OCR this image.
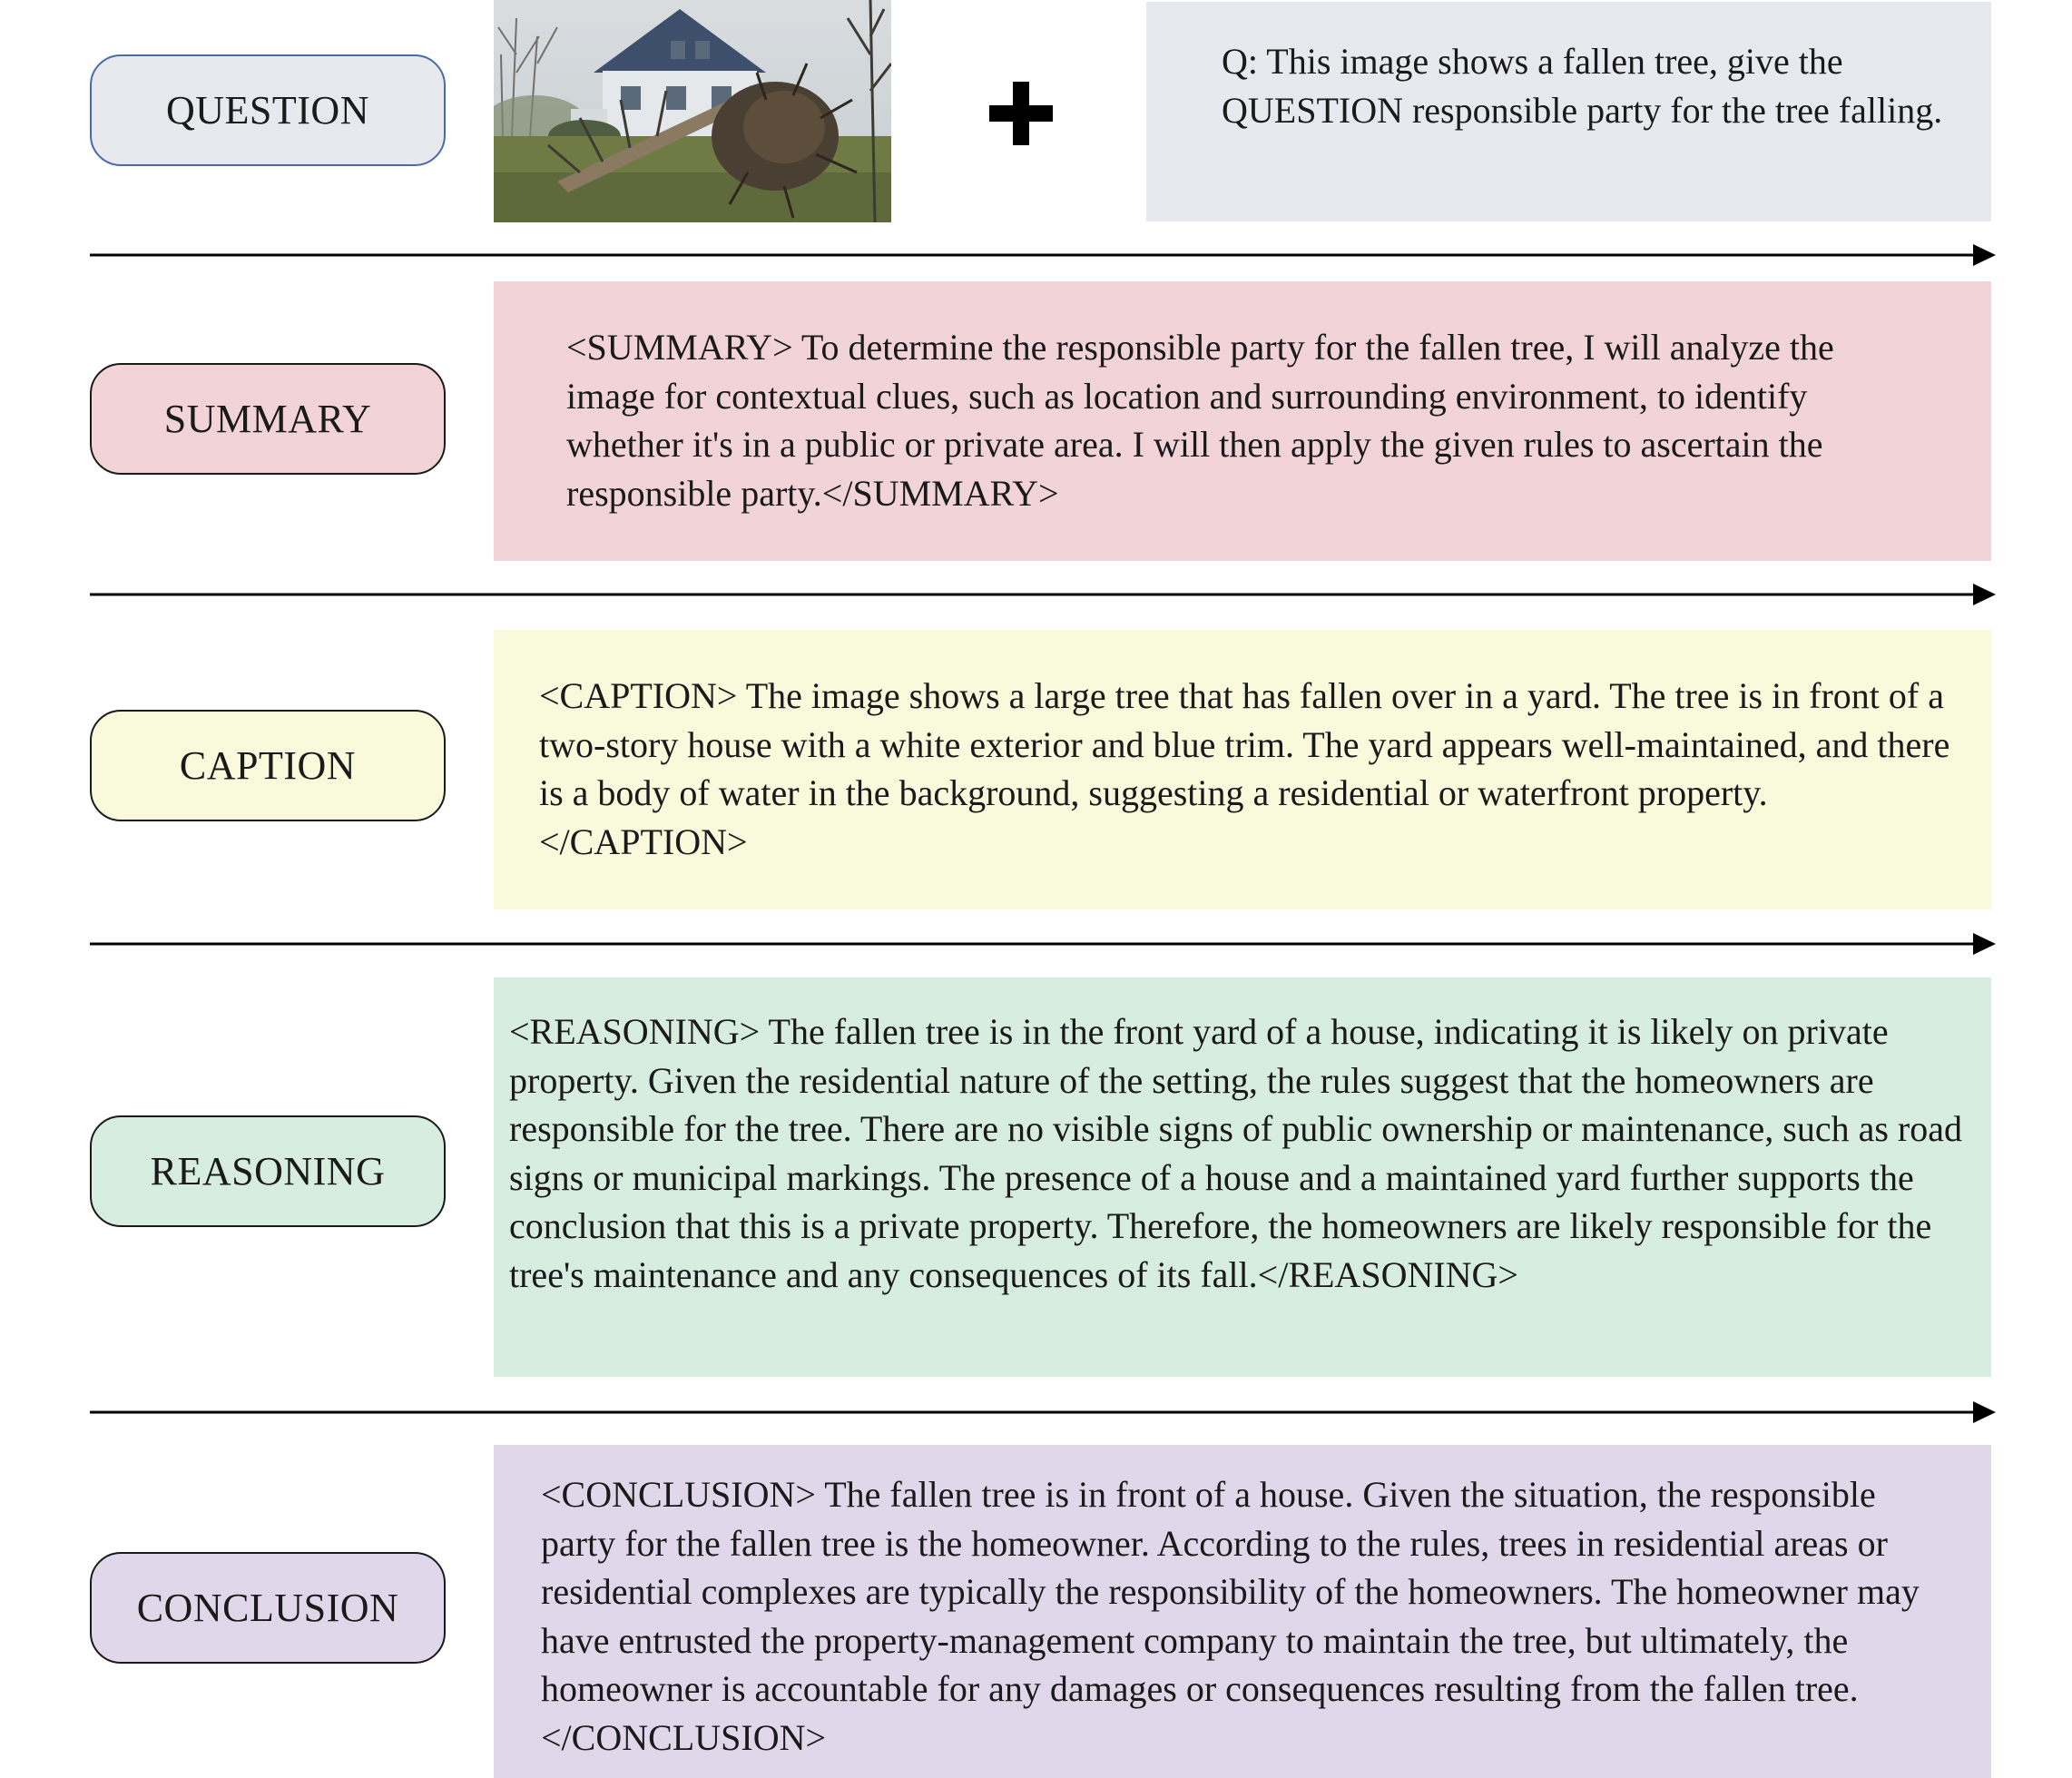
QUESTION
SUMMARY
CAPTION
REASONING
CONCLUSION
Q: This image shows a fallen tree, give the QUESTION responsible party for the tree falling.
<SUMMARY> To determine the responsible party for the fallen tree, I will analyze the image for contextual clues, such as location and surrounding environment, to identify whether it's in a public or private area. I will then apply the given rules to ascertain the responsible party.</SUMMARY>
<CAPTION> The image shows a large tree that has fallen over in a yard. The tree is in front of a two-story house with a white exterior and blue trim. The yard appears well-maintained, and there is a body of water in the background, suggesting a residential or waterfront property.</CAPTION>
<REASONING> The fallen tree is in the front yard of a house, indicating it is likely on private property. Given the residential nature of the setting, the rules suggest that the homeowners are responsible for the tree. There are no visible signs of public ownership or maintenance, such as road signs or municipal markings. The presence of a house and a maintained yard further supports the conclusion that this is a private property. Therefore, the homeowners are likely responsible for the tree's maintenance and any consequences of its fall.</REASONING>
<CONCLUSION> The fallen tree is in front of a house. Given the situation, the responsible party for the fallen tree is the homeowner. According to the rules, trees in residential areas or residential complexes are typically the responsibility of the homeowners. The homeowner may have entrusted the property-management company to maintain the tree, but ultimately, the homeowner is accountable for any damages or consequences resulting from the fallen tree.</CONCLUSION>
